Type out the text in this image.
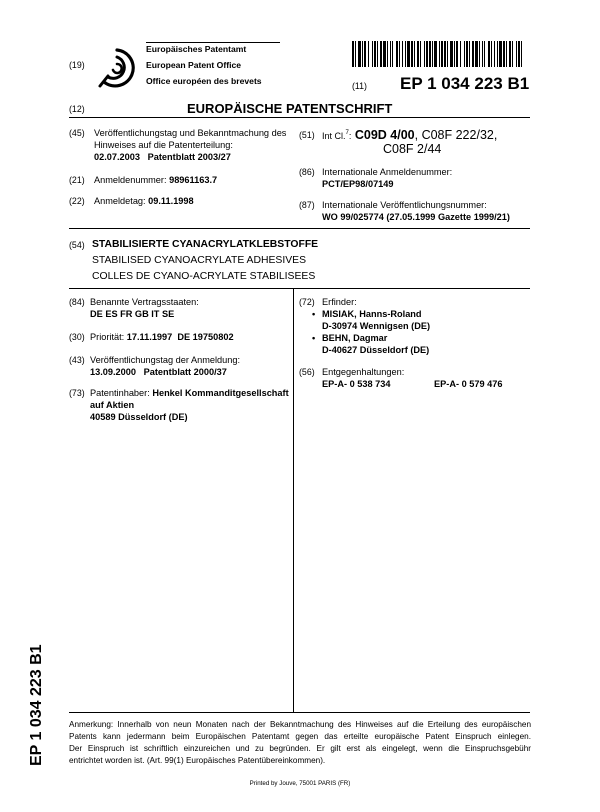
(19)
Europäisches Patentamt
European Patent Office
Office européen des brevets	(11) EP 1 034 223 B1
(12)	EUROPÄISCHE PATENTSCHRIFT
(45) Veröffentlichungstag und Bekanntmachung des
Hinweises auf die Patenterteilung:
02.07.2003   Patentblatt 2003/27
(21) Anmeldenummer: 98961163.7
(22) Anmeldetag: 09.11.1998
(51) Int Cl.$^7$: C09D 4/00, C08F 222/32,
C08F 2/44
(86) Internationale Anmeldenummer:
PCT/EP98/07149
(87) Internationale Veröffentlichungsnummer:
WO 99/025774 (27.05.1999 Gazette 1999/21)
(54) STABILISIERTE CYANACRYLATKLEBSTOFFE
STABILISED CYANOACRYLATE ADHESIVES
COLLES DE CYANO-ACRYLATE STABILISEES
(84) Benannte Vertragsstaaten:
DE ES FR GB IT SE
(30) Priorität: 17.11.1997  DE 19750802
(43) Veröffentlichungstag der Anmeldung:
13.09.2000   Patentblatt 2000/37
(73) Patentinhaber: Henkel Kommanditgesellschaft
auf Aktien
40589 Düsseldorf (DE)
(72) Erfinder:
• MISIAK, Hanns-Roland
D-30974 Wennigsen (DE)
• BEHN, Dagmar
D-40627 Düsseldorf (DE)
(56) Entgegenhaltungen:
EP-A- 0 538 734	EP-A- 0 579 476
EP 1 034 223 B1	Anmerkung: Innerhalb von neun Monaten nach der Bekanntmachung des Hinweises auf die Erteilung des europäischen
Patents kann jedermann beim Europäischen Patentamt gegen das erteilte europäische Patent Einspruch einlegen.
Der Einspruch ist schriftlich einzureichen und zu begründen. Er gilt erst als eingelegt, wenn die Einspruchsgebühr
entrichtet worden ist. (Art. 99(1) Europäisches Patentübereinkommen).
Printed by Jouve, 75001 PARIS (FR)
